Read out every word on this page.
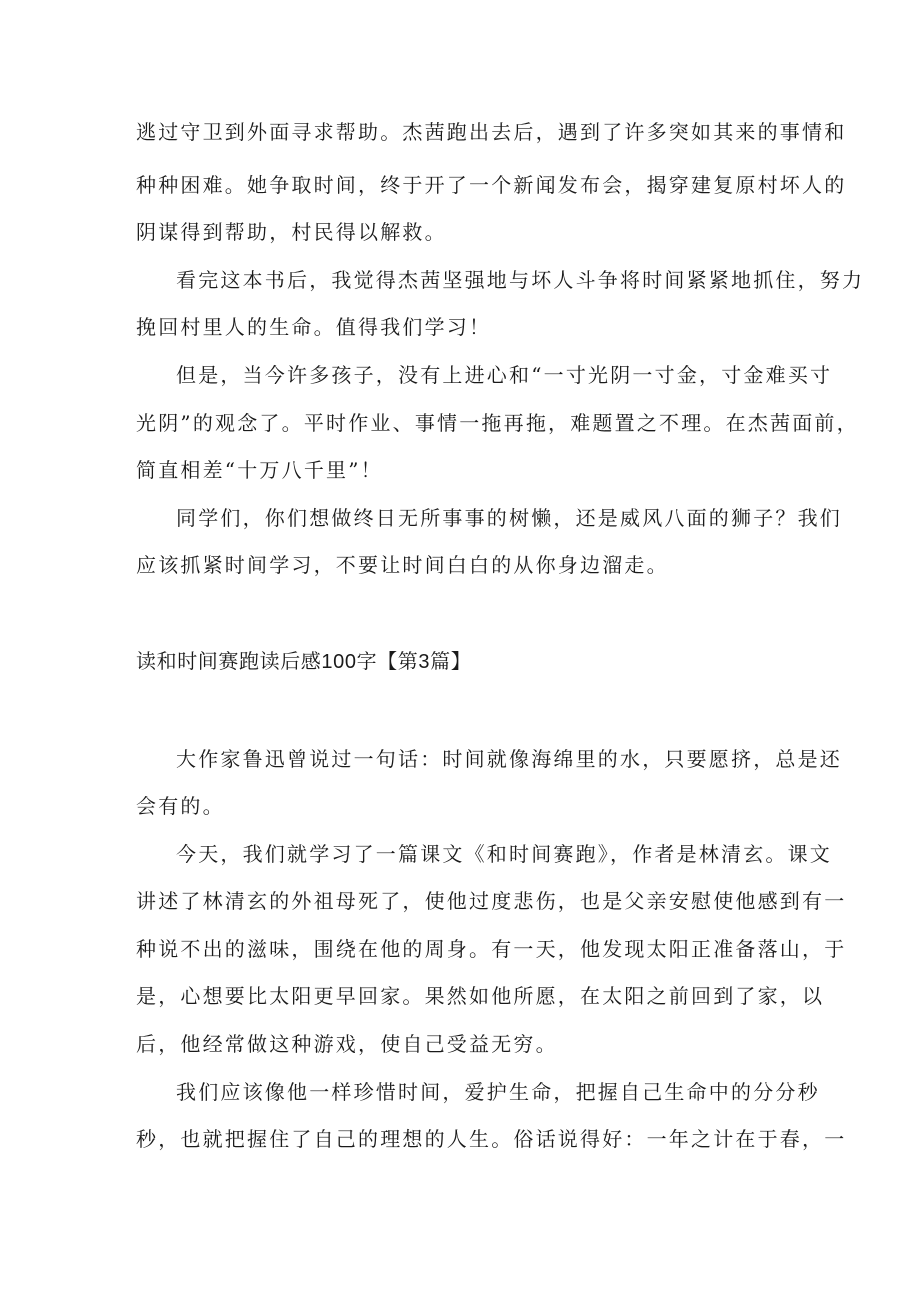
逃过守卫到外面寻求帮助。杰茜跑出去后，遇到了许多突如其来的事情和
种种困难。她争取时间，终于开了一个新闻发布会，揭穿建复原村坏人的
阴谋得到帮助，村民得以解救。
看完这本书后，我觉得杰茜坚强地与坏人斗争将时间紧紧地抓住，努力
挽回村里人的生命。值得我们学习！
但是，当今许多孩子，没有上进心和“一寸光阴一寸金，寸金难买寸
光阴”的观念了。平时作业、事情一拖再拖，难题置之不理。在杰茜面前，
简直相差“十万八千里”！
同学们，你们想做终日无所事事的树懒，还是威风八面的狮子？我们
应该抓紧时间学习，不要让时间白白的从你身边溜走。
读和时间赛跑读后感100字【第3篇】
大作家鲁迅曾说过一句话：时间就像海绵里的水，只要愿挤，总是还
会有的。
今天，我们就学习了一篇课文《和时间赛跑》，作者是林清玄。课文
讲述了林清玄的外祖母死了，使他过度悲伤，也是父亲安慰使他感到有一
种说不出的滋味，围绕在他的周身。有一天，他发现太阳正准备落山，于
是，心想要比太阳更早回家。果然如他所愿，在太阳之前回到了家，以
后，他经常做这种游戏，使自己受益无穷。
我们应该像他一样珍惜时间，爱护生命，把握自己生命中的分分秒
秒，也就把握住了自己的理想的人生。俗话说得好：一年之计在于春，一
